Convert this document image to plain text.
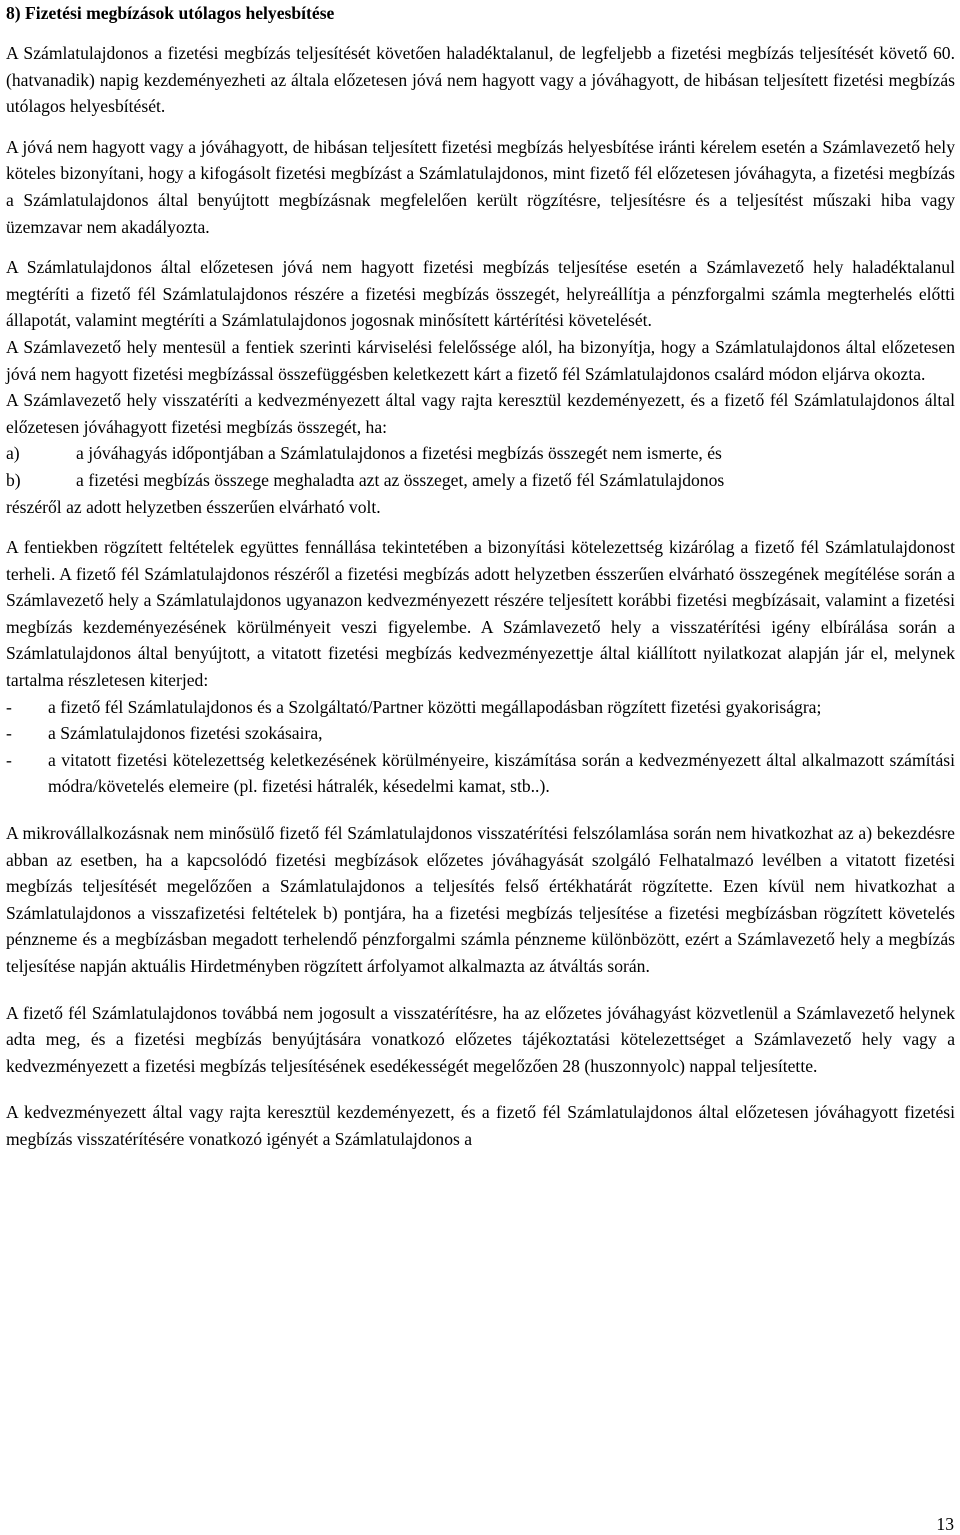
8) Fizetési megbízások utólagos helyesbítése

A Számlatulajdonos a fizetési megbízás teljesítését követően haladéktalanul, de legfeljebb a fizetési megbízás teljesítését követő 60. (hatvanadik) napig kezdeményezheti az általa előzetesen jóvá nem hagyott vagy a jóváhagyott, de hibásan teljesített fizetési megbízás utólagos helyesbítését.

A jóvá nem hagyott vagy a jóváhagyott, de hibásan teljesített fizetési megbízás helyesbítése iránti kérelem esetén a Számlavezető hely köteles bizonyítani, hogy a kifogásolt fizetési megbízást a Számlatulajdonos, mint fizető fél előzetesen jóváhagyta, a fizetési megbízás a Számlatulajdonos által benyújtott megbízásnak megfelelően került rögzítésre, teljesítésre és a teljesítést műszaki hiba vagy üzemzavar nem akadályozta.

A Számlatulajdonos által előzetesen jóvá nem hagyott fizetési megbízás teljesítése esetén a Számlavezető hely haladéktalanul megtéríti a fizető fél Számlatulajdonos részére a fizetési megbízás összegét, helyreállítja a pénzforgalmi számla megterhelés előtti állapotát, valamint megtéríti a Számlatulajdonos jogosnak minősített kártérítési követelését.

A Számlavezető hely mentesül a fentiek szerinti kárviselési felelőssége alól, ha bizonyítja, hogy a Számlatulajdonos által előzetesen jóvá nem hagyott fizetési megbízással összefüggésben keletkezett kárt a fizető fél Számlatulajdonos csalárd módon eljárva okozta.

A Számlavezető hely visszatéríti a kedvezményezett által vagy rajta keresztül kezdeményezett, és a fizető fél Számlatulajdonos által előzetesen jóváhagyott fizetési megbízás összegét, ha:

a)	a jóváhagyás időpontjában a Számlatulajdonos a fizetési megbízás összegét nem ismerte, és
b)	a fizetési megbízás összege meghaladta azt az összeget, amely a fizető fél Számlatulajdonos

részéről az adott helyzetben ésszerűen elvárható volt.

A fentiekben rögzített feltételek együttes fennállása tekintetében a bizonyítási kötelezettség kizárólag a fizető fél Számlatulajdonost terheli. A fizető fél Számlatulajdonos részéről a fizetési megbízás adott helyzetben ésszerűen elvárható összegének megítélése során a Számlavezető hely a Számlatulajdonos ugyanazon kedvezményezett részére teljesített korábbi fizetési megbízásait, valamint a fizetési megbízás kezdeményezésének körülményeit veszi figyelembe. A Számlavezető hely a visszatérítési igény elbírálása során a Számlatulajdonos által benyújtott, a vitatott fizetési megbízás kedvezményezettje által kiállított nyilatkozat alapján jár el, melynek tartalma részletesen kiterjed:

-	a fizető fél Számlatulajdonos és a Szolgáltató/Partner közötti megállapodásban rögzített fizetési gyakoriságra;
-	a Számlatulajdonos fizetési szokásaira,
-	a vitatott fizetési kötelezettség keletkezésének körülményeire, kiszámítása során a kedvezményezett által alkalmazott számítási módra/követelés elemeire (pl. fizetési hátralék, késedelmi kamat, stb..).

A mikrovállalkozásnak nem minősülő fizető fél Számlatulajdonos visszatérítési felszólamlása során nem hivatkozhat az a) bekezdésre abban az esetben, ha a kapcsolódó fizetési megbízások előzetes jóváhagyását szolgáló Felhatalmazó levélben a vitatott fizetési megbízás teljesítését megelőzően a Számlatulajdonos a teljesítés felső értékhatárát rögzítette. Ezen kívül nem hivatkozhat a Számlatulajdonos a visszafizetési feltételek b) pontjára, ha a fizetési megbízás teljesítése a fizetési megbízásban rögzített követelés pénzneme és a megbízásban megadott terhelendő pénzforgalmi számla pénzneme különbözött, ezért a Számlavezető hely a megbízás teljesítése napján aktuális Hirdetményben rögzített árfolyamot alkalmazta az átváltás során.

A fizető fél Számlatulajdonos továbbá nem jogosult a visszatérítésre, ha az előzetes jóváhagyást közvetlenül a Számlavezető helynek adta meg, és a fizetési megbízás benyújtására vonatkozó előzetes tájékoztatási kötelezettséget a Számlavezető hely vagy a kedvezményezett a fizetési megbízás teljesítésének esedékességét megelőzően 28 (huszonnyolc) nappal teljesítette.

A kedvezményezett által vagy rajta keresztül kezdeményezett, és a fizető fél Számlatulajdonos által előzetesen jóváhagyott fizetési megbízás visszatérítésére vonatkozó igényét a Számlatulajdonos a

13
